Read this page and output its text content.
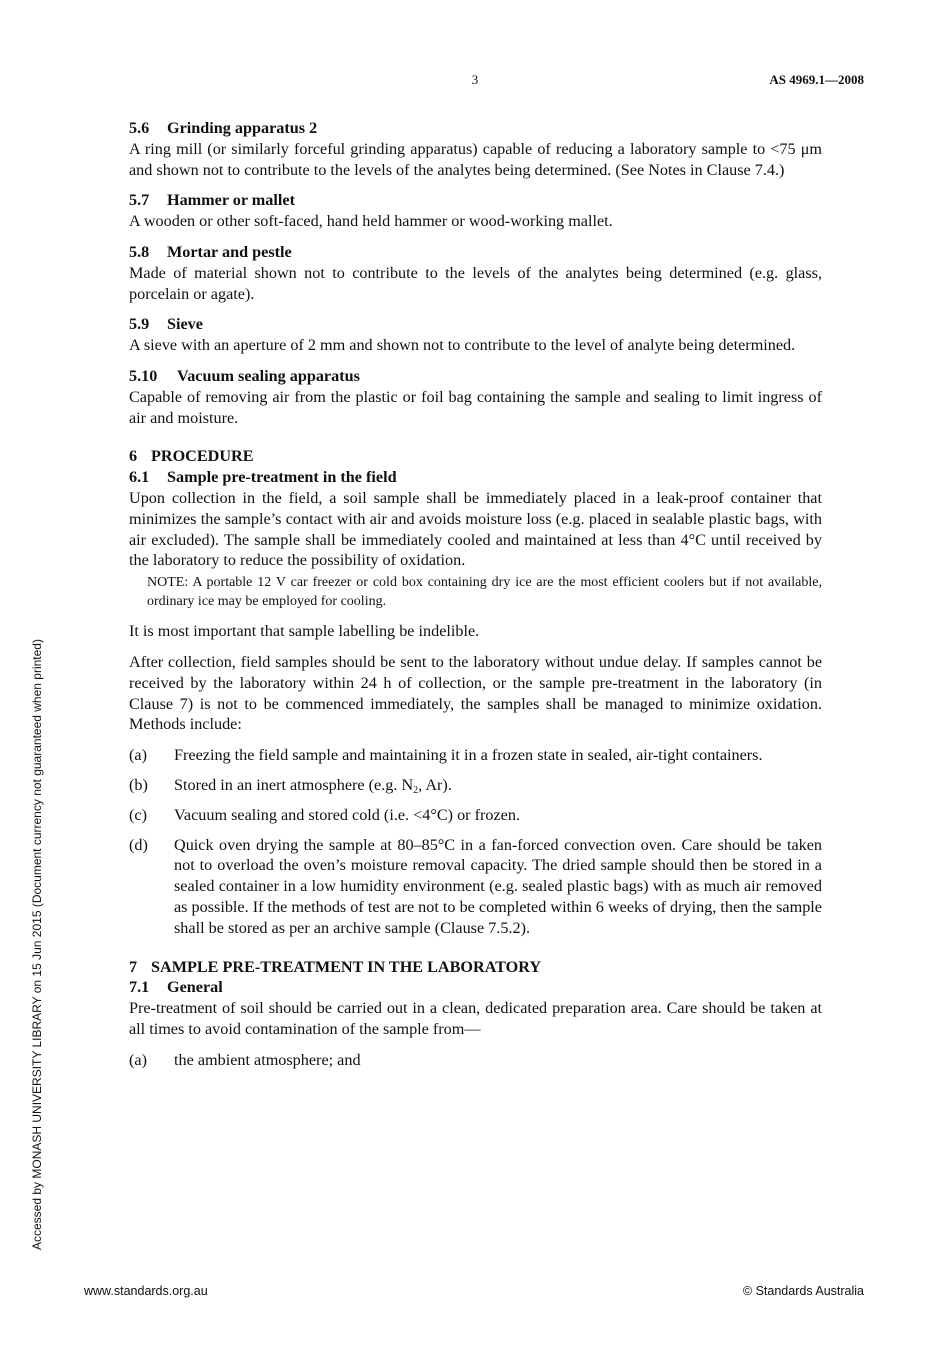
3	AS 4969.1—2008

5.6 Grinding apparatus 2

A ring mill (or similarly forceful grinding apparatus) capable of reducing a laboratory sample to <75 μm and shown not to contribute to the levels of the analytes being determined. (See Notes in Clause 7.4.)

5.7 Hammer or mallet

A wooden or other soft-faced, hand held hammer or wood-working mallet.

5.8 Mortar and pestle

Made of material shown not to contribute to the levels of the analytes being determined (e.g. glass, porcelain or agate).

5.9 Sieve

A sieve with an aperture of 2 mm and shown not to contribute to the level of analyte being determined.

5.10 Vacuum sealing apparatus

Capable of removing air from the plastic or foil bag containing the sample and sealing to limit ingress of air and moisture.

6 PROCEDURE

6.1 Sample pre-treatment in the field

Upon collection in the field, a soil sample shall be immediately placed in a leak-proof container that minimizes the sample’s contact with air and avoids moisture loss (e.g. placed in sealable plastic bags, with air excluded). The sample shall be immediately cooled and maintained at less than 4°C until received by the laboratory to reduce the possibility of oxidation.

NOTE: A portable 12 V car freezer or cold box containing dry ice are the most efficient coolers but if not available, ordinary ice may be employed for cooling.

It is most important that sample labelling be indelible.

After collection, field samples should be sent to the laboratory without undue delay. If samples cannot be received by the laboratory within 24 h of collection, or the sample pre-treatment in the laboratory (in Clause 7) is not to be commenced immediately, the samples shall be managed to minimize oxidation. Methods include:

(a)	Freezing the field sample and maintaining it in a frozen state in sealed, air-tight containers.
(b)	Stored in an inert atmosphere (e.g. $N_2$, Ar).
(c)	Vacuum sealing and stored cold (i.e. <4°C) or frozen.
(d)	Quick oven drying the sample at 80–85°C in a fan-forced convection oven. Care should be taken not to overload the oven’s moisture removal capacity. The dried sample should then be stored in a sealed container in a low humidity environment (e.g. sealed plastic bags) with as much air removed as possible. If the methods of test are not to be completed within 6 weeks of drying, then the sample shall be stored as per an archive sample (Clause 7.5.2).

7 SAMPLE PRE-TREATMENT IN THE LABORATORY

7.1 General

Pre-treatment of soil should be carried out in a clean, dedicated preparation area. Care should be taken at all times to avoid contamination of the sample from—

(a)	the ambient atmosphere; and
Accessed by MONASH UNIVERSITY LIBRARY on 15 Jun 2015 (Document currency not guaranteed when printed)
www.standards.org.au	© Standards Australia
